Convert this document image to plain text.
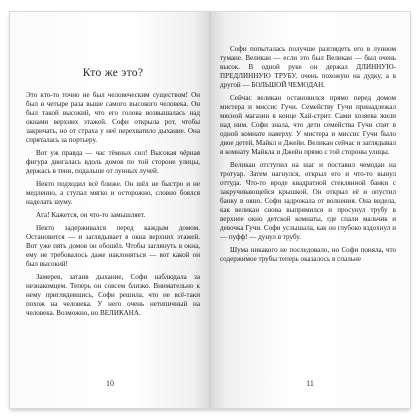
Кто же это?

Это кто-то точно не был человеческим существом! Он был в четыре раза выше самого высокого человека. Он был такой высокий, что его голова возвышалась над окнами верхних этажей. Софи открыла рот, чтобы закричать, но от страха у неё перехватило дыхание. Она спряталась за портьеру.

Вот уж правда — час тёмных сил! Высокая чёрная фигура двигалась вдоль домов по той стороне улицы, держась в тени, подальше от лунных лучей.

Некто подходил всё ближе. Он шёл не быстро и не медленно, а ступал мягко и осторожно, словно боялся наделать шуму.

Ага! Кажется, он что-то замышляет.

Некто задерживался перед каждым домом. Остановится — и заглядывает в окна верхних этажей. Вот уже пять домов он обошёл. Чтобы заглянуть в окна, ему не требовалось даже наклоняться — вот какой он был высокий!

Замерев, затаив дыхание, Софи наблюдала за незнакомцем. Теперь он совсем близко. Внимательно к нему приглядевшись, Софи решила, что не всё-таки похож на человека. У него очень нетипичный на человека. Возможно, но ВЕЛИКАНА.

10

Софи попыталась получше разглядеть его в лунном тумане. Великан — если это был Великан — был очень высок. В одной руке он держал ДЛИННУЮ-ПРЕДЛИННУЮ ТРУБУ, очень похожую на дудку, а в другой — БОЛЬШОЙ ЧЕМОДАН.

Сейчас великан остановился прямо перед домом мистера и миссис Гучи. Семейству Гучи принадлежал мясной магазин в конце Хай-стрит. Сами хозяева жили над ним. Софи знала, что дети семейства Гучи спят в одной комнате наверху. У мистера и миссис Гучи было двое детей, Майкл и Джейн. Великан сейчас и заглядывал в комнату Майкла и Джейн прямо с той стороны улицы.

Великан отступил на шаг и поставил чемодан на тротуар. Затем нагнулся, открыл его и что-то вынул оттуда. Что-то вроде квадратной стеклянной банки с закручивающейся крышкой. Он открыл её и опустил банку в окно. Софи задрожала от волнения. Она видела, как великан снова выпрямился и просунул трубу в верхнее окно детской комнаты, где спали мальчик и девочка Гучи. Софи услышала, как он глубоко вздохнул и — пуфф! — дунул в трубу.

Шума никакого не последовало, но Софи поняла, что содержимое трубы теперь оказалось в спальне

11
